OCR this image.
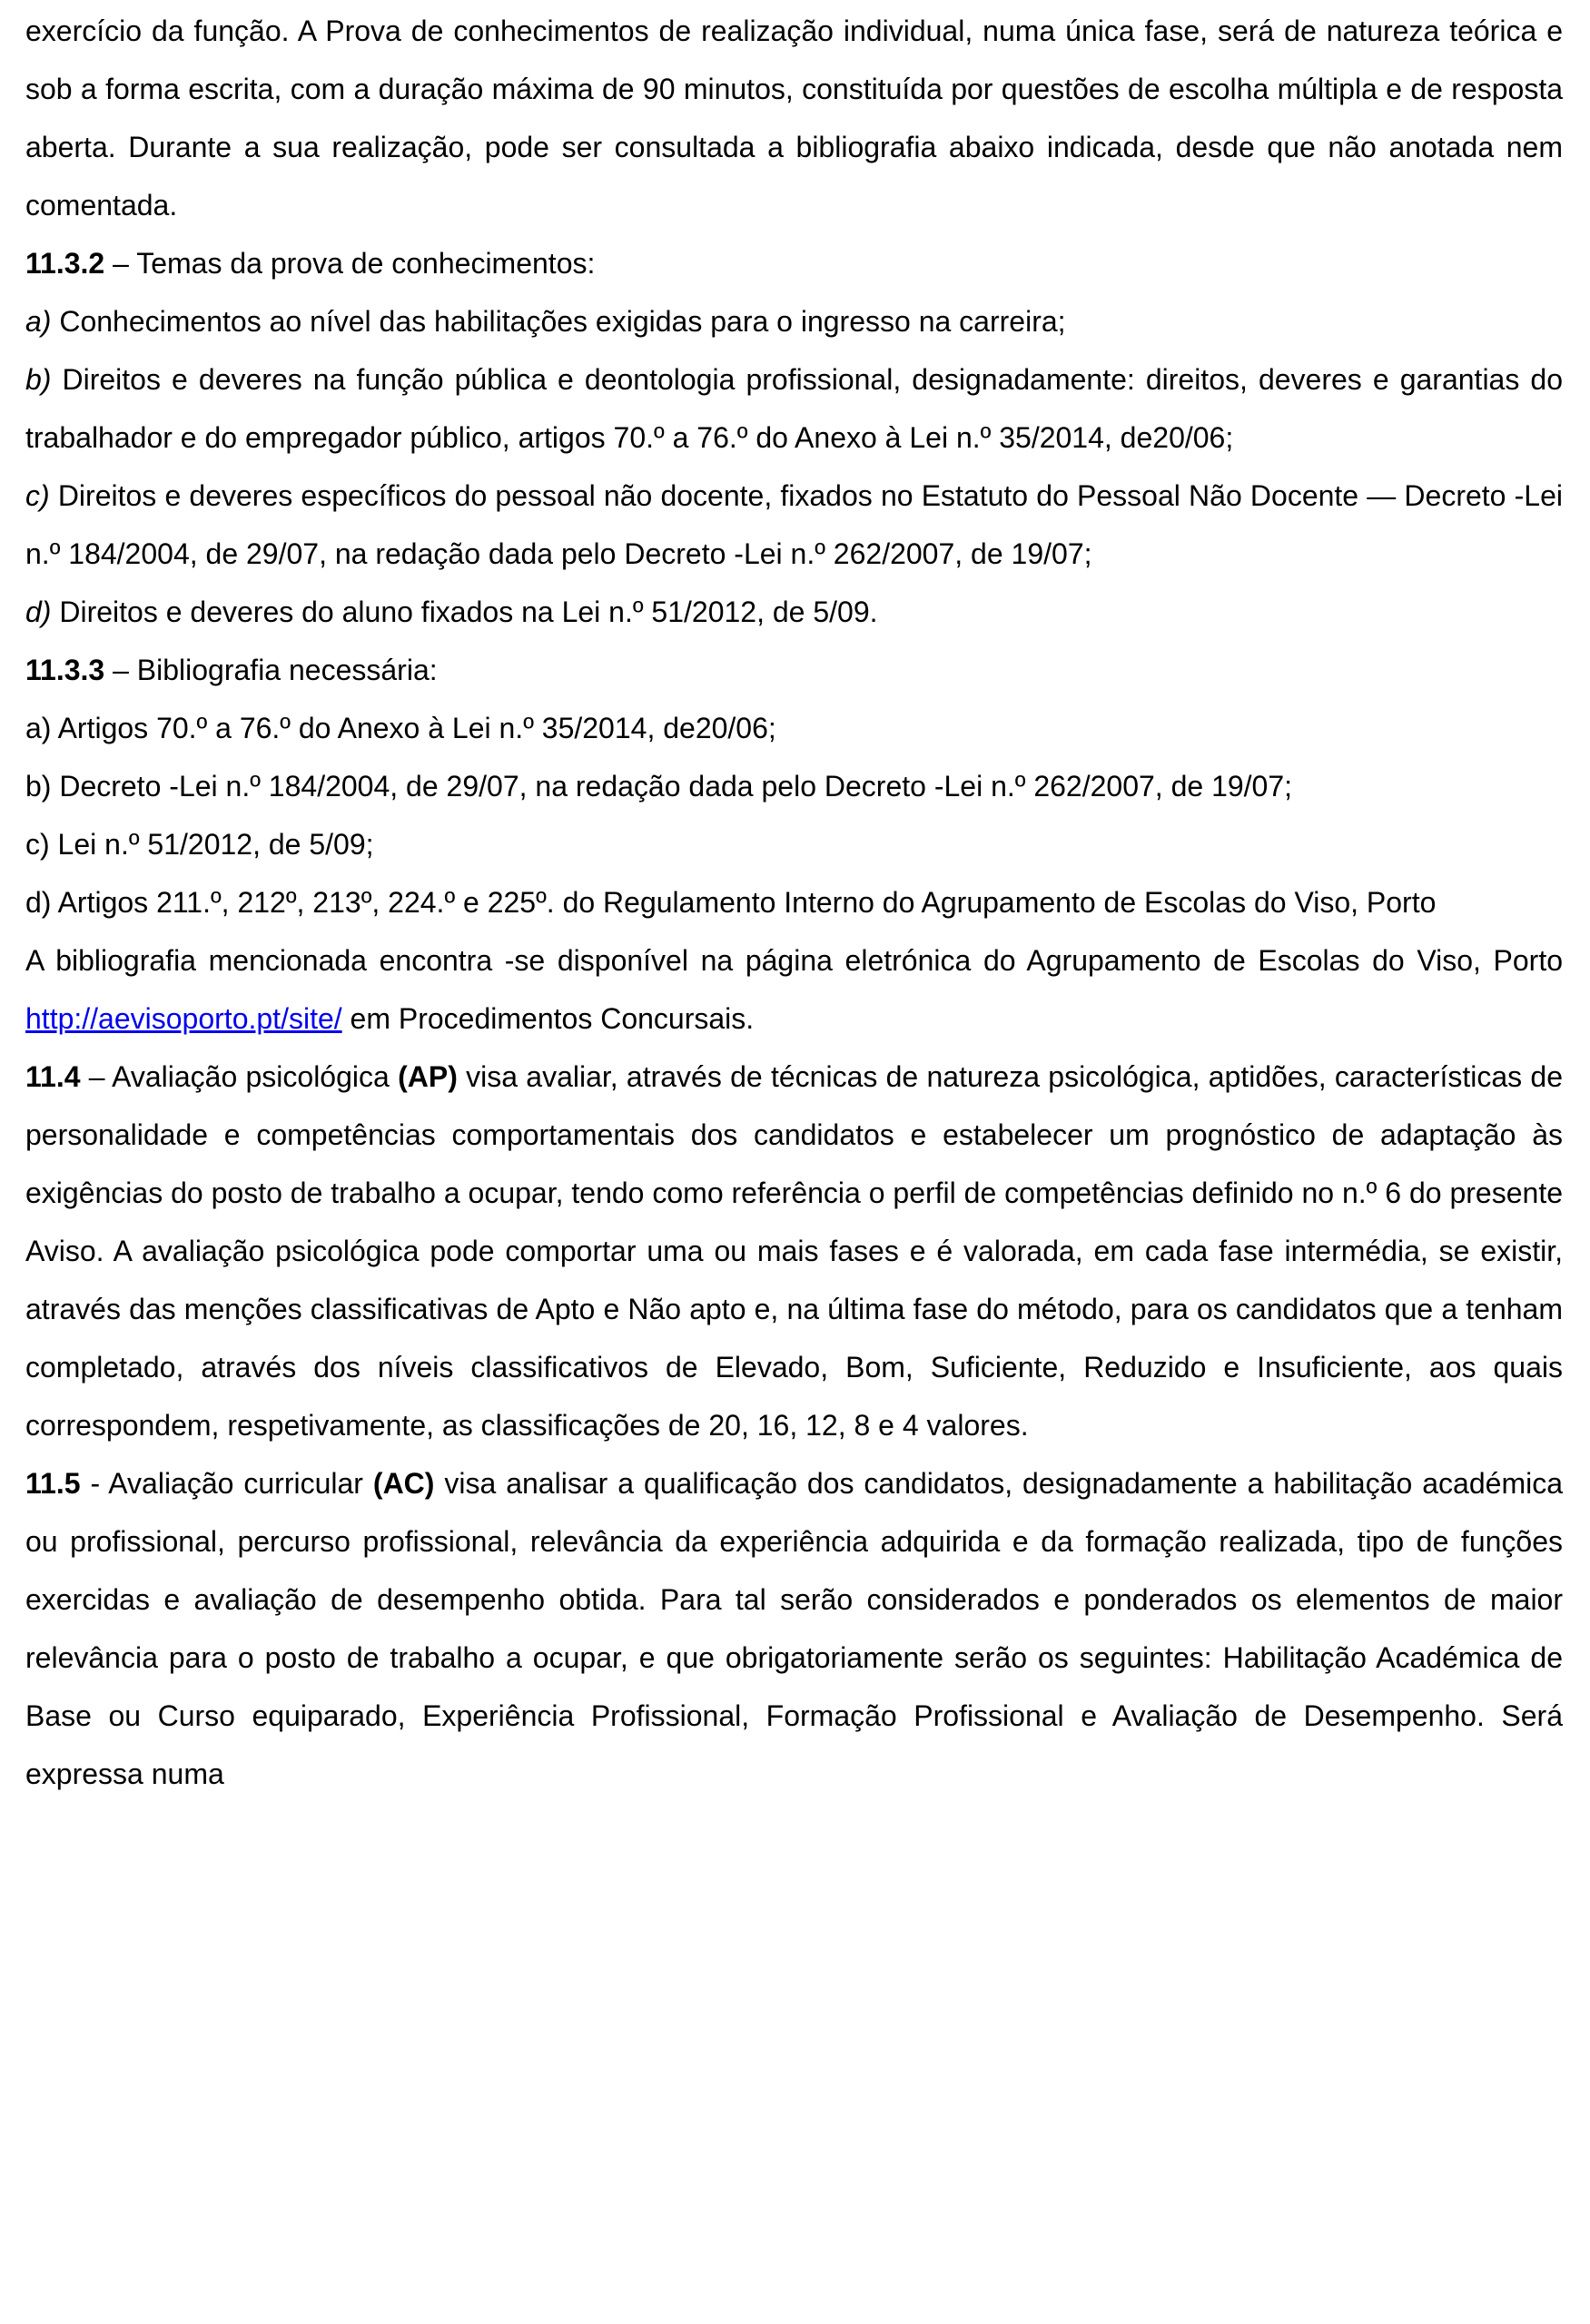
exercício da função. A Prova de conhecimentos de realização individual, numa única fase, será de natureza teórica e sob a forma escrita, com a duração máxima de 90 minutos, constituída por questões de escolha múltipla e de resposta aberta. Durante a sua realização, pode ser consultada a bibliografia abaixo indicada, desde que não anotada nem comentada.

11.3.2 – Temas da prova de conhecimentos:

a) Conhecimentos ao nível das habilitações exigidas para o ingresso na carreira;

b) Direitos e deveres na função pública e deontologia profissional, designadamente: direitos, deveres e garantias do trabalhador e do empregador público, artigos 70.º a 76.º do Anexo à Lei n.º 35/2014, de20/06;

c) Direitos e deveres específicos do pessoal não docente, fixados no Estatuto do Pessoal Não Docente — Decreto -Lei n.º 184/2004, de 29/07, na redação dada pelo Decreto -Lei n.º 262/2007, de 19/07;

d) Direitos e deveres do aluno fixados na Lei n.º 51/2012, de 5/09.

11.3.3 – Bibliografia necessária:

a) Artigos 70.º a 76.º do Anexo à Lei n.º 35/2014, de20/06;

b) Decreto -Lei n.º 184/2004, de 29/07, na redação dada pelo Decreto -Lei n.º 262/2007, de 19/07;

c) Lei n.º 51/2012, de 5/09;

d) Artigos 211.º, 212º, 213º, 224.º e 225º. do Regulamento Interno do Agrupamento de Escolas do Viso, Porto

A bibliografia mencionada encontra -se disponível na página eletrónica do Agrupamento de Escolas do Viso, Porto http://aevisoporto.pt/site/ em Procedimentos Concursais.

11.4 – Avaliação psicológica (AP) visa avaliar, através de técnicas de natureza psicológica, aptidões, características de personalidade e competências comportamentais dos candidatos e estabelecer um prognóstico de adaptação às exigências do posto de trabalho a ocupar, tendo como referência o perfil de competências definido no n.º 6 do presente Aviso. A avaliação psicológica pode comportar uma ou mais fases e é valorada, em cada fase intermédia, se existir, através das menções classificativas de Apto e Não apto e, na última fase do método, para os candidatos que a tenham completado, através dos níveis classificativos de Elevado, Bom, Suficiente, Reduzido e Insuficiente, aos quais correspondem, respetivamente, as classificações de 20, 16, 12, 8 e 4 valores.

11.5 - Avaliação curricular (AC) visa analisar a qualificação dos candidatos, designadamente a habilitação académica ou profissional, percurso profissional, relevância da experiência adquirida e da formação realizada, tipo de funções exercidas e avaliação de desempenho obtida. Para tal serão considerados e ponderados os elementos de maior relevância para o posto de trabalho a ocupar, e que obrigatoriamente serão os seguintes: Habilitação Académica de Base ou Curso equiparado, Experiência Profissional, Formação Profissional e Avaliação de Desempenho. Será expressa numa
